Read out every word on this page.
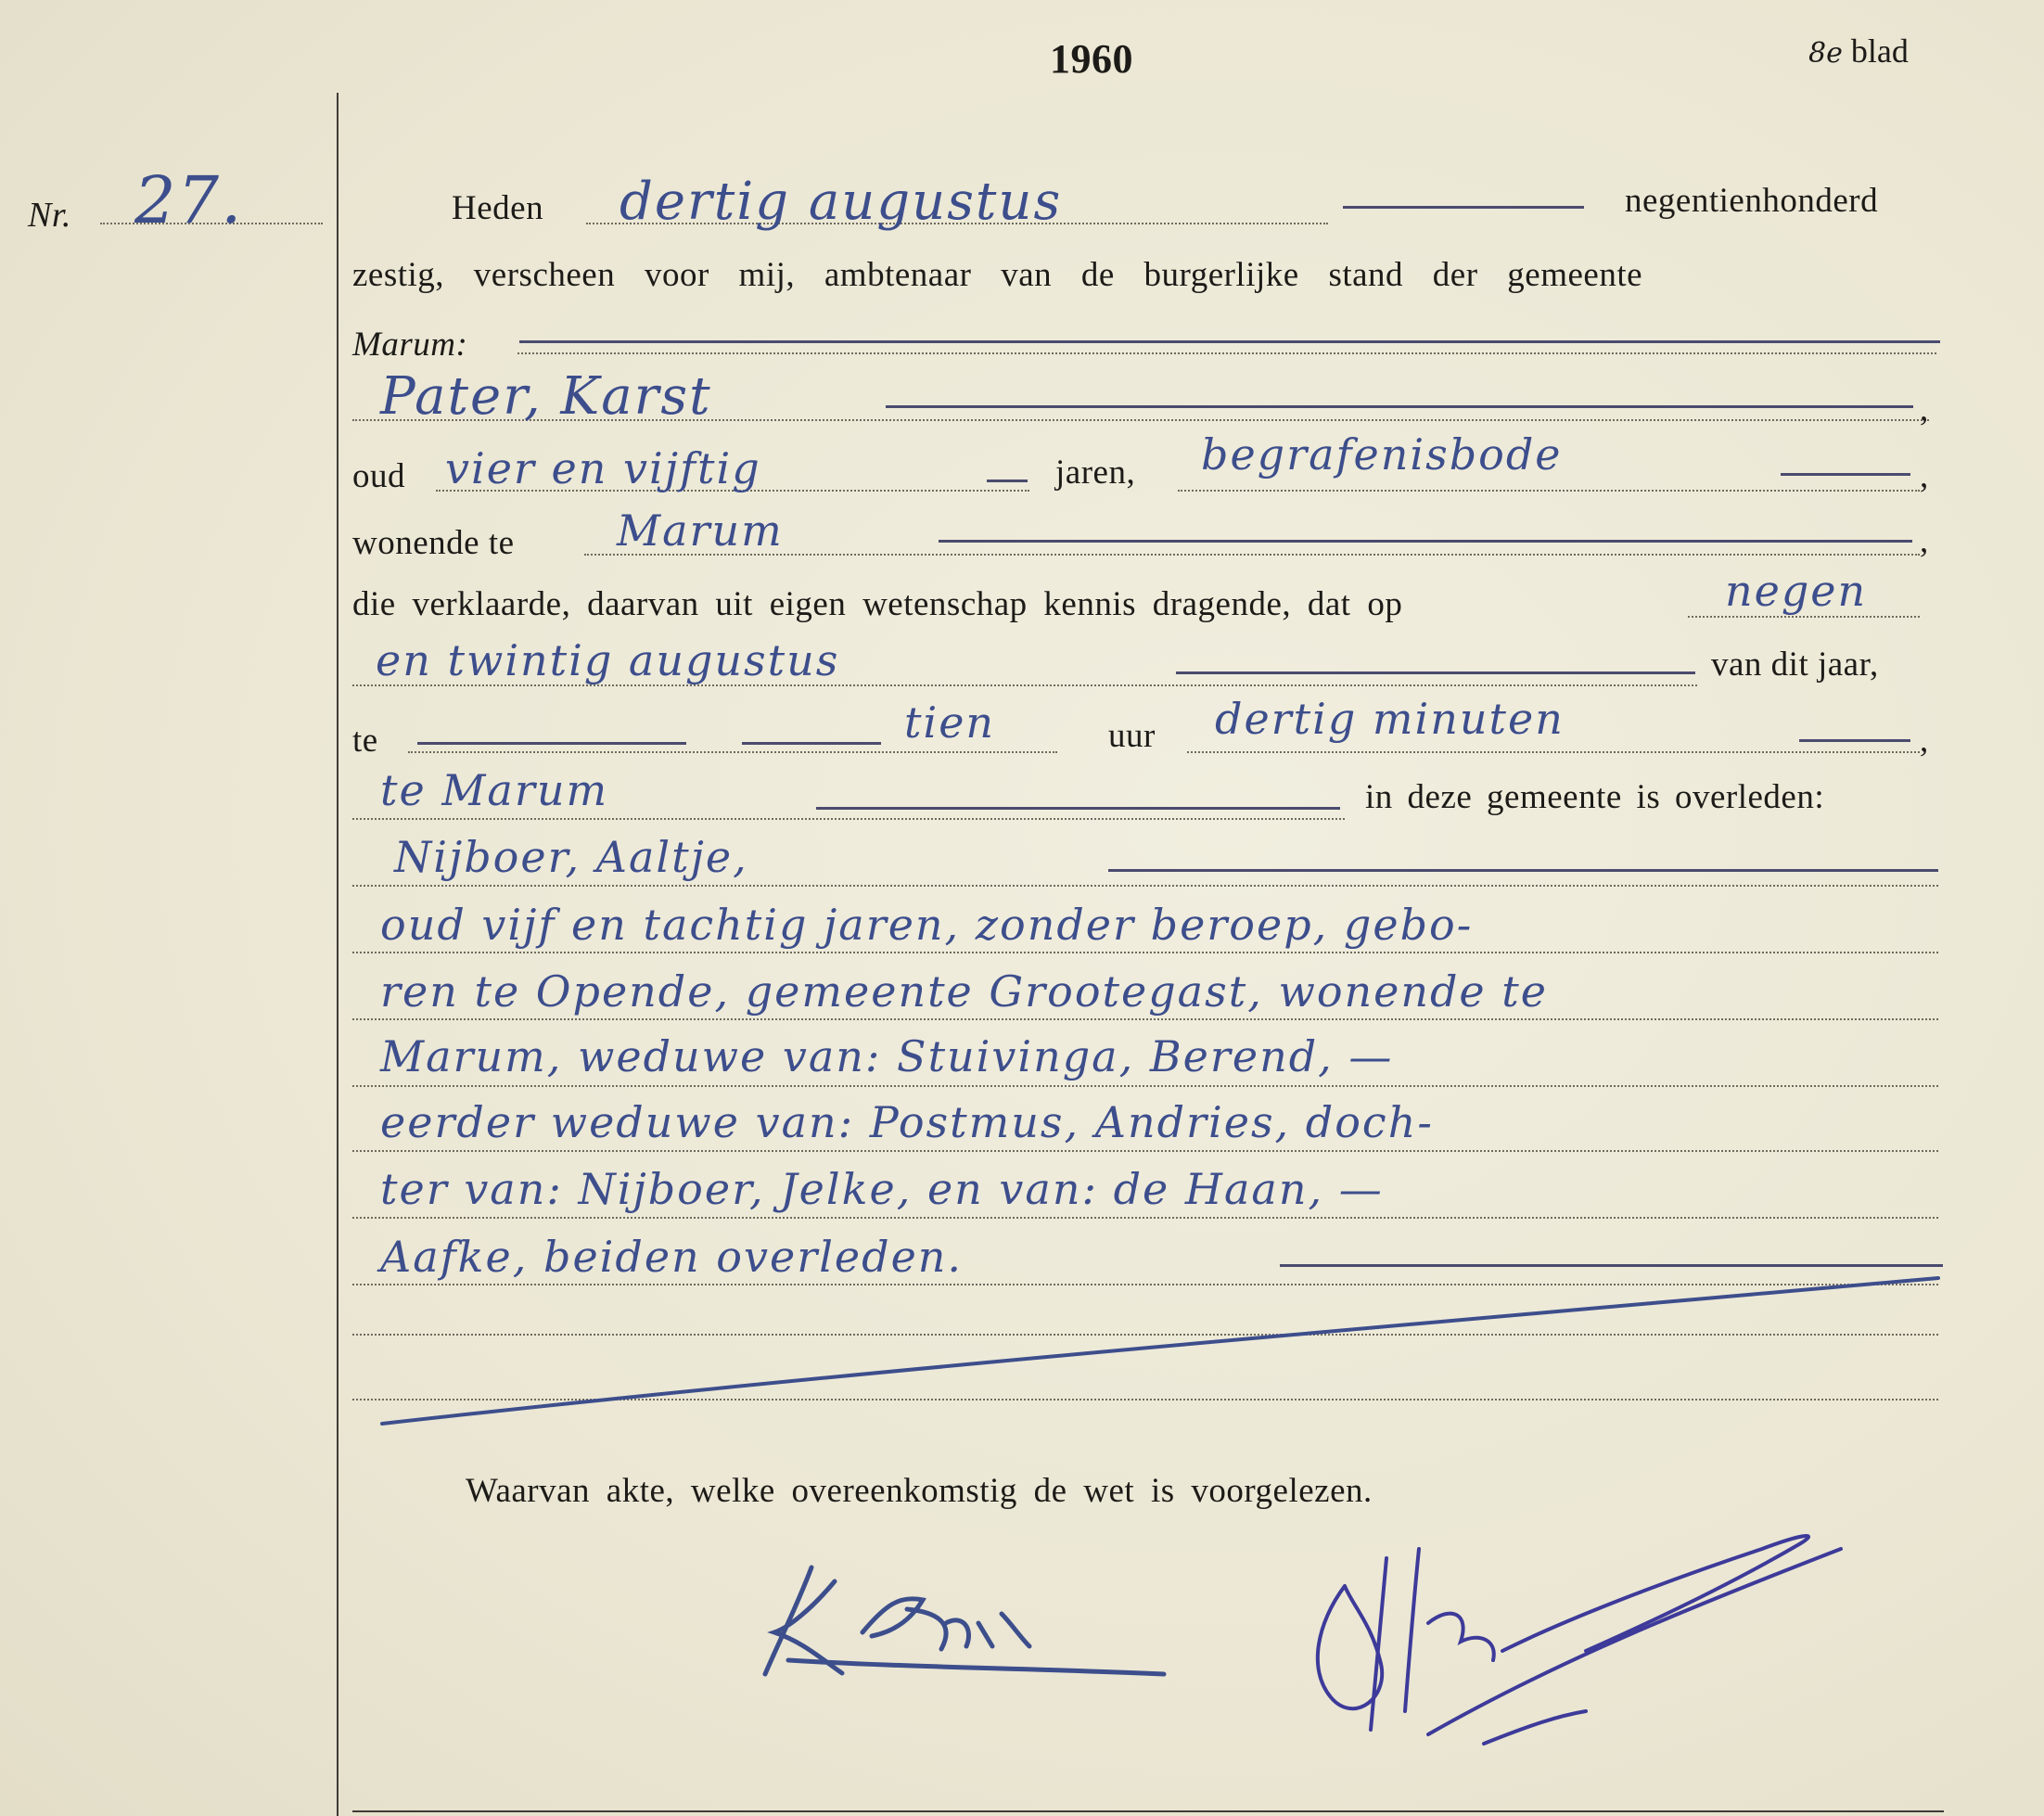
1960	8e blad
Nr. 27.	Heden dertig augustus	negentienhonderd
zestig, verscheen voor mij, ambtenaar van de burgerlijke stand der gemeente
Marum:
Pater, Karst	,
oud vier en vijftig	jaren, begrafenisbode	,
wonende te Marum	,
die verklaarde, daarvan uit eigen wetenschap kennis dragende, dat op	negen
en twintig augustus	van dit jaar,
te	tien	uur dertig minuten	,
te Marum	in deze gemeente is overleden:
Nijboer, Aaltje,
oud vijf en tachtig jaren, zonder beroep, gebo-
ren te Opende, gemeente Grootegast, wonende te
Marum, weduwe van: Stuivinga, Berend, —
eerder weduwe van: Postmus, Andries, doch-
ter van: Nijboer, Jelke, en van: de Haan, —
Aafke, beiden overleden.
Waarvan akte, welke overeenkomstig de wet is voorgelezen.
